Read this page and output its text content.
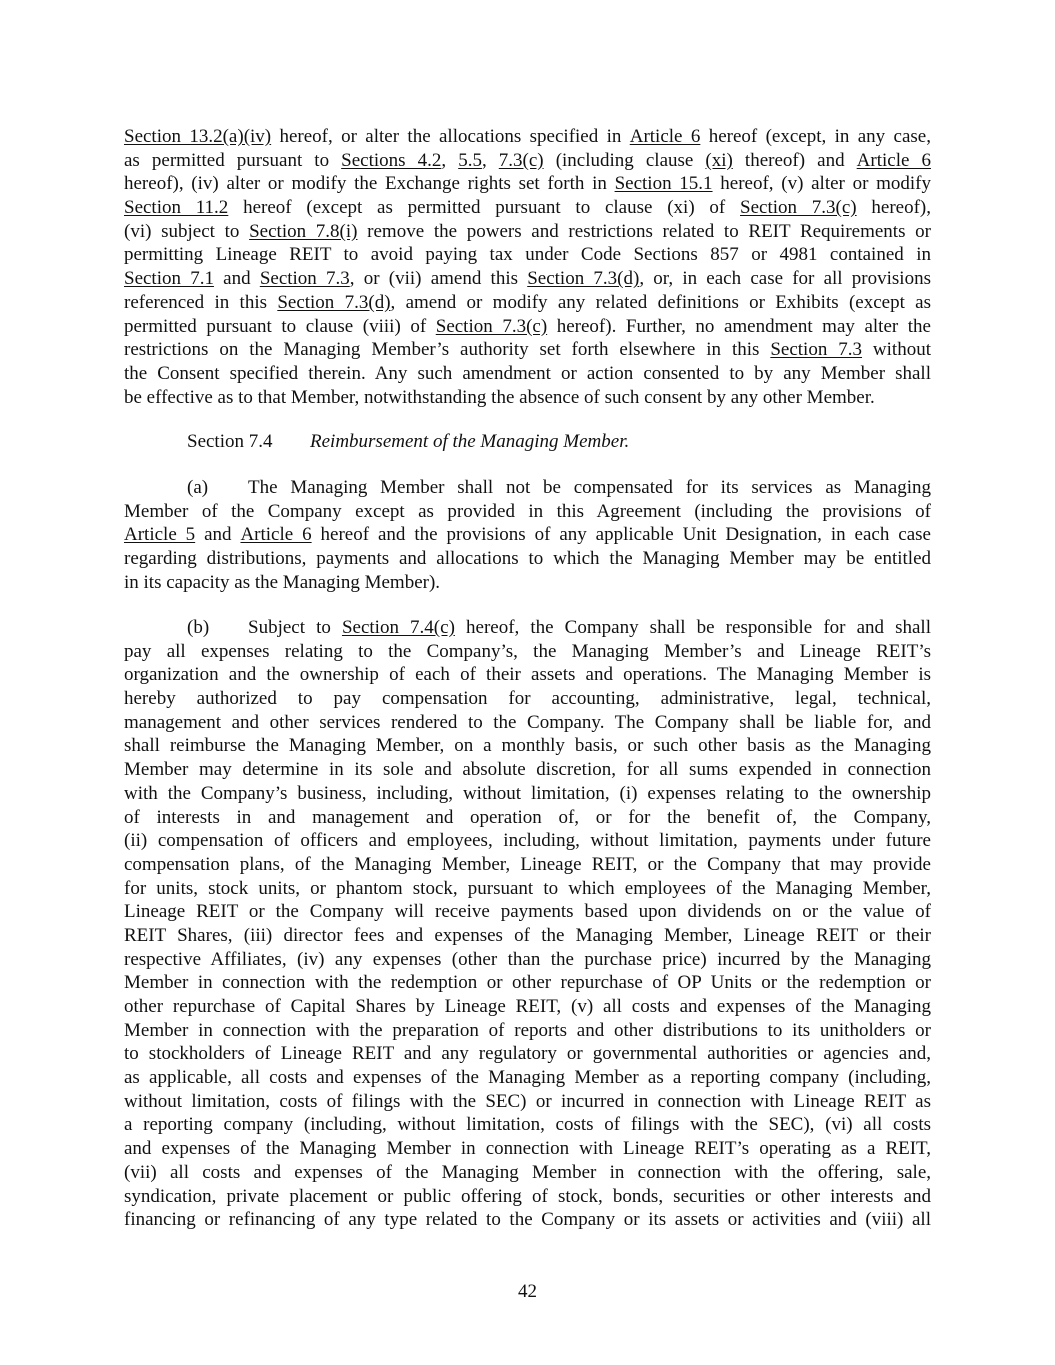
Section 13.2(a)(iv) hereof, or alter the allocations specified in Article 6 hereof (except, in any case,
as permitted pursuant to Sections 4.2, 5.5, 7.3(c) (including clause (xi) thereof) and Article 6
hereof), (iv) alter or modify the Exchange rights set forth in Section 15.1 hereof, (v) alter or modify
Section 11.2 hereof (except as permitted pursuant to clause (xi) of Section 7.3(c) hereof),
(vi) subject to Section 7.8(i) remove the powers and restrictions related to REIT Requirements or
permitting Lineage REIT to avoid paying tax under Code Sections 857 or 4981 contained in
Section 7.1 and Section 7.3, or (vii) amend this Section 7.3(d), or, in each case for all provisions
referenced in this Section 7.3(d), amend or modify any related definitions or Exhibits (except as
permitted pursuant to clause (viii) of Section 7.3(c) hereof). Further, no amendment may alter the
restrictions on the Managing Member’s authority set forth elsewhere in this Section 7.3 without
the Consent specified therein. Any such amendment or action consented to by any Member shall
be effective as to that Member, notwithstanding the absence of such consent by any other Member.
Section 7.4 Reimbursement of the Managing Member.
(a) The Managing Member shall not be compensated for its services as Managing
Member of the Company except as provided in this Agreement (including the provisions of
Article 5 and Article 6 hereof and the provisions of any applicable Unit Designation, in each case
regarding distributions, payments and allocations to which the Managing Member may be entitled
in its capacity as the Managing Member).
(b) Subject to Section 7.4(c) hereof, the Company shall be responsible for and shall
pay all expenses relating to the Company’s, the Managing Member’s and Lineage REIT’s
organization and the ownership of each of their assets and operations. The Managing Member is
hereby authorized to pay compensation for accounting, administrative, legal, technical,
management and other services rendered to the Company. The Company shall be liable for, and
shall reimburse the Managing Member, on a monthly basis, or such other basis as the Managing
Member may determine in its sole and absolute discretion, for all sums expended in connection
with the Company’s business, including, without limitation, (i) expenses relating to the ownership
of interests in and management and operation of, or for the benefit of, the Company,
(ii) compensation of officers and employees, including, without limitation, payments under future
compensation plans, of the Managing Member, Lineage REIT, or the Company that may provide
for units, stock units, or phantom stock, pursuant to which employees of the Managing Member,
Lineage REIT or the Company will receive payments based upon dividends on or the value of
REIT Shares, (iii) director fees and expenses of the Managing Member, Lineage REIT or their
respective Affiliates, (iv) any expenses (other than the purchase price) incurred by the Managing
Member in connection with the redemption or other repurchase of OP Units or the redemption or
other repurchase of Capital Shares by Lineage REIT, (v) all costs and expenses of the Managing
Member in connection with the preparation of reports and other distributions to its unitholders or
to stockholders of Lineage REIT and any regulatory or governmental authorities or agencies and,
as applicable, all costs and expenses of the Managing Member as a reporting company (including,
without limitation, costs of filings with the SEC) or incurred in connection with Lineage REIT as
a reporting company (including, without limitation, costs of filings with the SEC), (vi) all costs
and expenses of the Managing Member in connection with Lineage REIT’s operating as a REIT,
(vii) all costs and expenses of the Managing Member in connection with the offering, sale,
syndication, private placement or public offering of stock, bonds, securities or other interests and
financing or refinancing of any type related to the Company or its assets or activities and (viii) all
42
